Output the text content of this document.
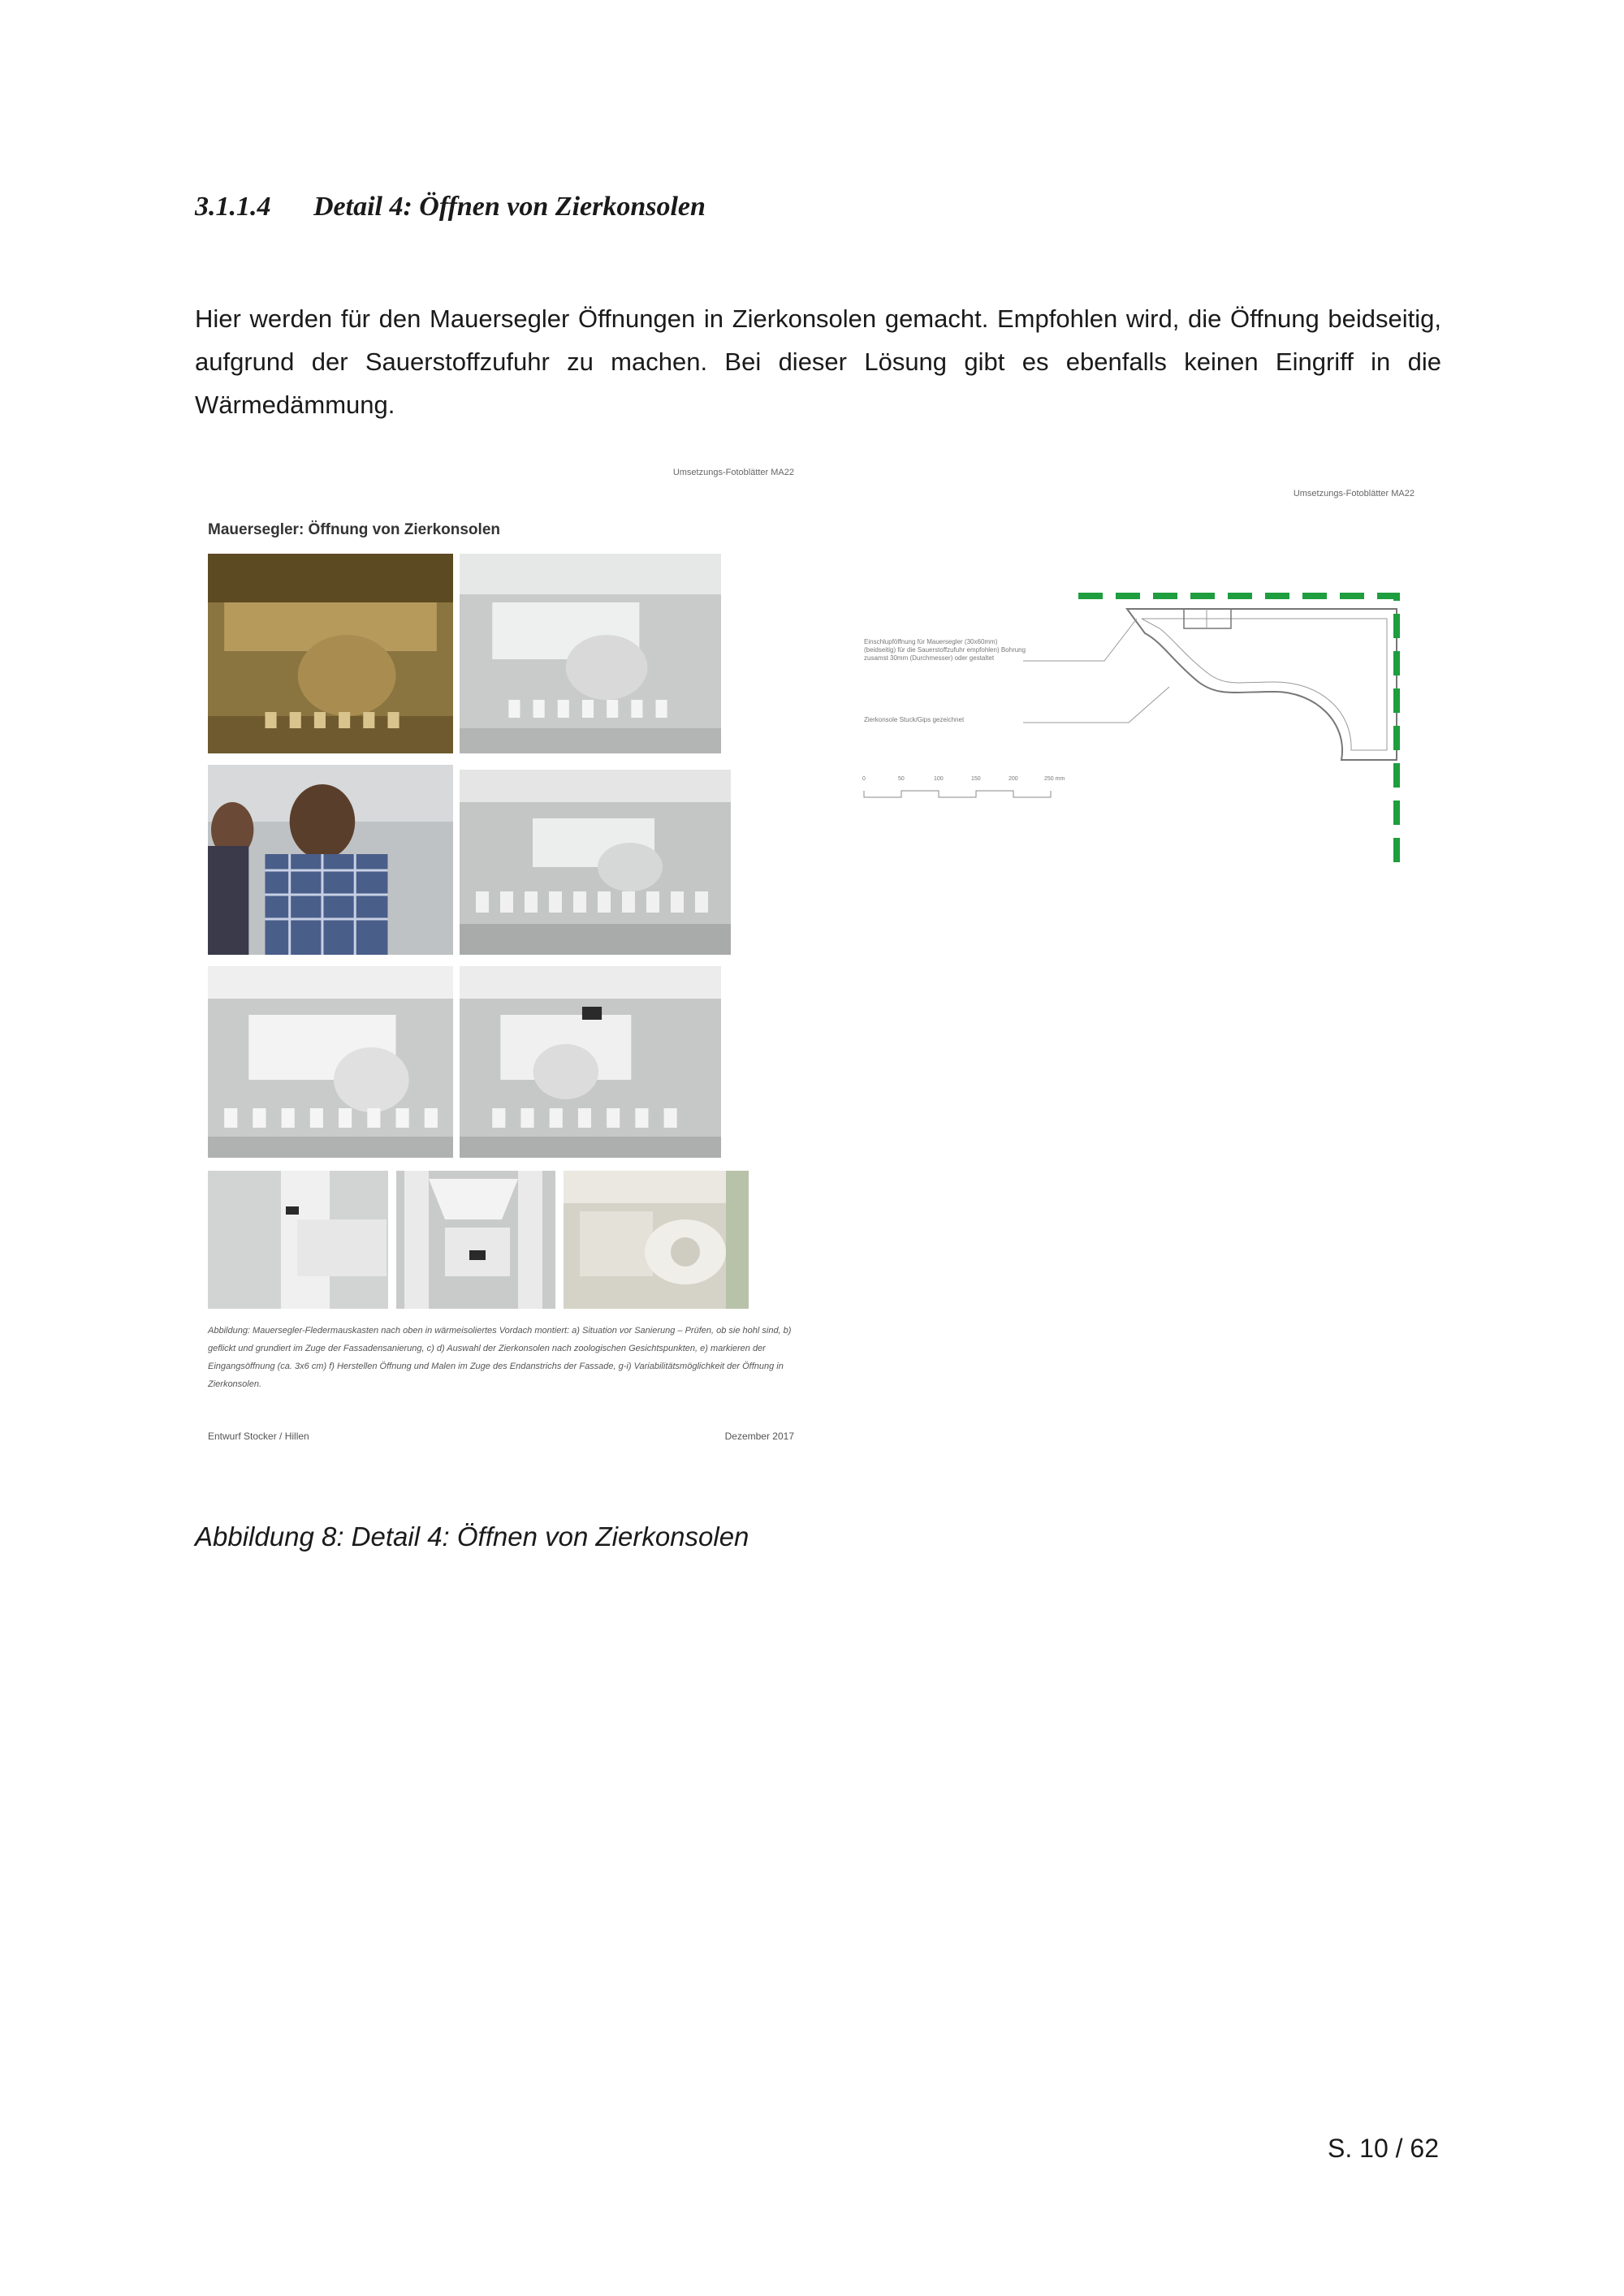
3.1.1.4	Detail 4: Öffnen von Zierkonsolen
Hier werden für den Mauersegler Öffnungen in Zierkonsolen gemacht. Empfohlen wird, die Öffnung beidseitig, aufgrund der Sauerstoffzufuhr zu machen. Bei dieser Lösung gibt es ebenfalls keinen Eingriff in die Wärmedämmung.
Umsetzungs-Fotoblätter MA22
Mauersegler: Öffnung von Zierkonsolen
Abbildung: Mauersegler-Fledermauskasten nach oben in wärmeisoliertes Vordach montiert: a) Situation vor Sanierung – Prüfen, ob sie hohl sind, b) geflickt und grundiert im Zuge der Fassadensanierung, c) d) Auswahl der Zierkonsolen nach zoologischen Gesichtspunkten, e) markieren der Eingangsöffnung (ca. 3x6 cm) f) Herstellen Öffnung und Malen im Zuge des Endanstrichs der Fassade, g-i) Variabilitätsmöglichkeit der Öffnung in Zierkonsolen.
Entwurf Stocker / Hillen	Dezember 2017
Umsetzungs-Fotoblätter MA22
Einschlupföffnung für Mauersegler (30x60mm) (beidseitig) für die Sauerstoffzufuhr empfohlen) Bohrung zusamst 30mm (Durchmesser) oder gestaltet
Zierkonsole Stuck/Gips gezeichnet
0	50	100	150	200	250 mm
Abbildung 8: Detail 4: Öffnen von Zierkonsolen
S. 10 / 62
